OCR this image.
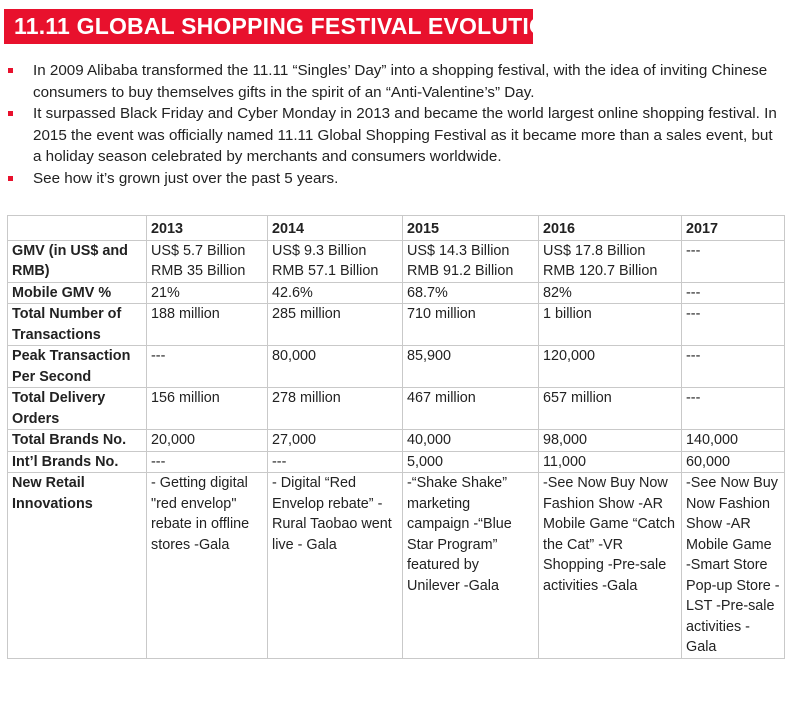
11.11 GLOBAL SHOPPING FESTIVAL EVOLUTION
In 2009 Alibaba transformed the 11.11 “Singles’ Day” into a shopping festival, with the idea of inviting Chinese consumers to buy themselves gifts in the spirit of an “Anti-Valentine’s” Day.
It surpassed Black Friday and Cyber Monday in 2013 and became the world largest online shopping festival. In 2015 the event was officially named 11.11 Global Shopping Festival as it became more than a sales event, but a holiday season celebrated by merchants and consumers worldwide.
See how it’s grown just over the past 5 years.
	2013	2014	2015	2016	2017
GMV (in US$ and RMB)	US$ 5.7 Billion RMB 35 Billion	US$ 9.3 Billion RMB 57.1 Billion	US$ 14.3 Billion RMB 91.2 Billion	US$ 17.8 Billion RMB 120.7 Billion	---
Mobile GMV %	21%	42.6%	68.7%	82%	---
Total Number of Transactions	188 million	285 million	710 million	1 billion	---
Peak Transaction Per Second	---	80,000	85,900	120,000	---
Total Delivery Orders	156 million	278 million	467 million	657 million	---
Total Brands No.	20,000	27,000	40,000	98,000	140,000
Int’l Brands No.	---	---	5,000	11,000	60,000
New Retail Innovations	- Getting digital "red envelop" rebate in offline stores -Gala	- Digital “Red Envelop rebate” -Rural Taobao went live - Gala	-“Shake Shake” marketing campaign -“Blue Star Program” featured by Unilever -Gala	-See Now Buy Now Fashion Show -AR Mobile Game “Catch the Cat” -VR Shopping -Pre-sale activities -Gala	-See Now Buy Now Fashion Show -AR Mobile Game -Smart Store Pop-up Store -LST -Pre-sale activities -Gala
